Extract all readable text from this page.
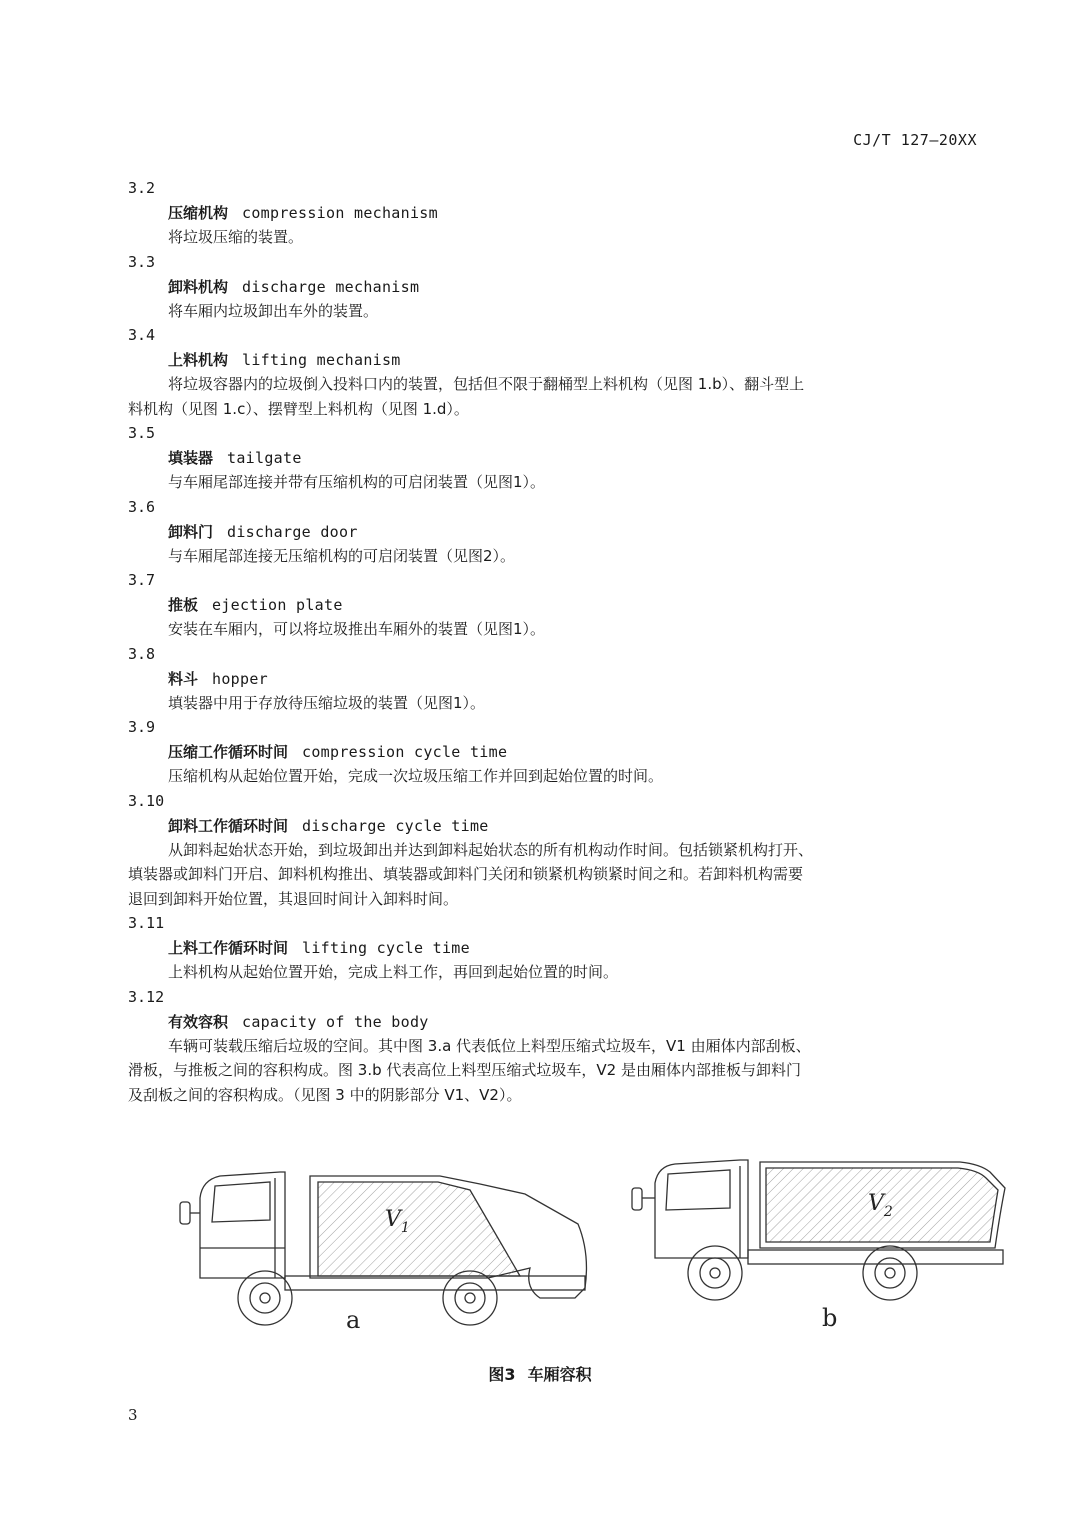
CJ/T 127—20XX
3.2
压缩机构 compression mechanism
将垃圾压缩的装置。
3.3
卸料机构 discharge mechanism
将车厢内垃圾卸出车外的装置。
3.4
上料机构 lifting mechanism
将垃圾容器内的垃圾倒入投料口内的装置，包括但不限于翻桶型上料机构（见图 1.b）、翻斗型上
料机构（见图 1.c）、摆臂型上料机构（见图 1.d）。
3.5
填装器 tailgate
与车厢尾部连接并带有压缩机构的可启闭装置（见图1）。
3.6
卸料门 discharge door
与车厢尾部连接无压缩机构的可启闭装置（见图2）。
3.7
推板 ejection plate
安装在车厢内，可以将垃圾推出车厢外的装置（见图1）。
3.8
料斗 hopper
填装器中用于存放待压缩垃圾的装置（见图1）。
3.9
压缩工作循环时间 compression cycle time
压缩机构从起始位置开始，完成一次垃圾压缩工作并回到起始位置的时间。
3.10
卸料工作循环时间 discharge cycle time
从卸料起始状态开始，到垃圾卸出并达到卸料起始状态的所有机构动作时间。包括锁紧机构打开、
填装器或卸料门开启、卸料机构推出、填装器或卸料门关闭和锁紧机构锁紧时间之和。若卸料机构需要
退回到卸料开始位置，其退回时间计入卸料时间。
3.11
上料工作循环时间 lifting cycle time
上料机构从起始位置开始，完成上料工作，再回到起始位置的时间。
3.12
有效容积 capacity of the body
车辆可装载压缩后垃圾的空间。其中图 3.a 代表低位上料型压缩式垃圾车，V1 由厢体内部刮板、
滑板，与推板之间的容积构成。图 3.b 代表高位上料型压缩式垃圾车，V2 是由厢体内部推板与卸料门
及刮板之间的容积构成。（见图 3 中的阴影部分 V1、V2）。
$V_1$
a
$V_2$
b
图3 车厢容积
3
